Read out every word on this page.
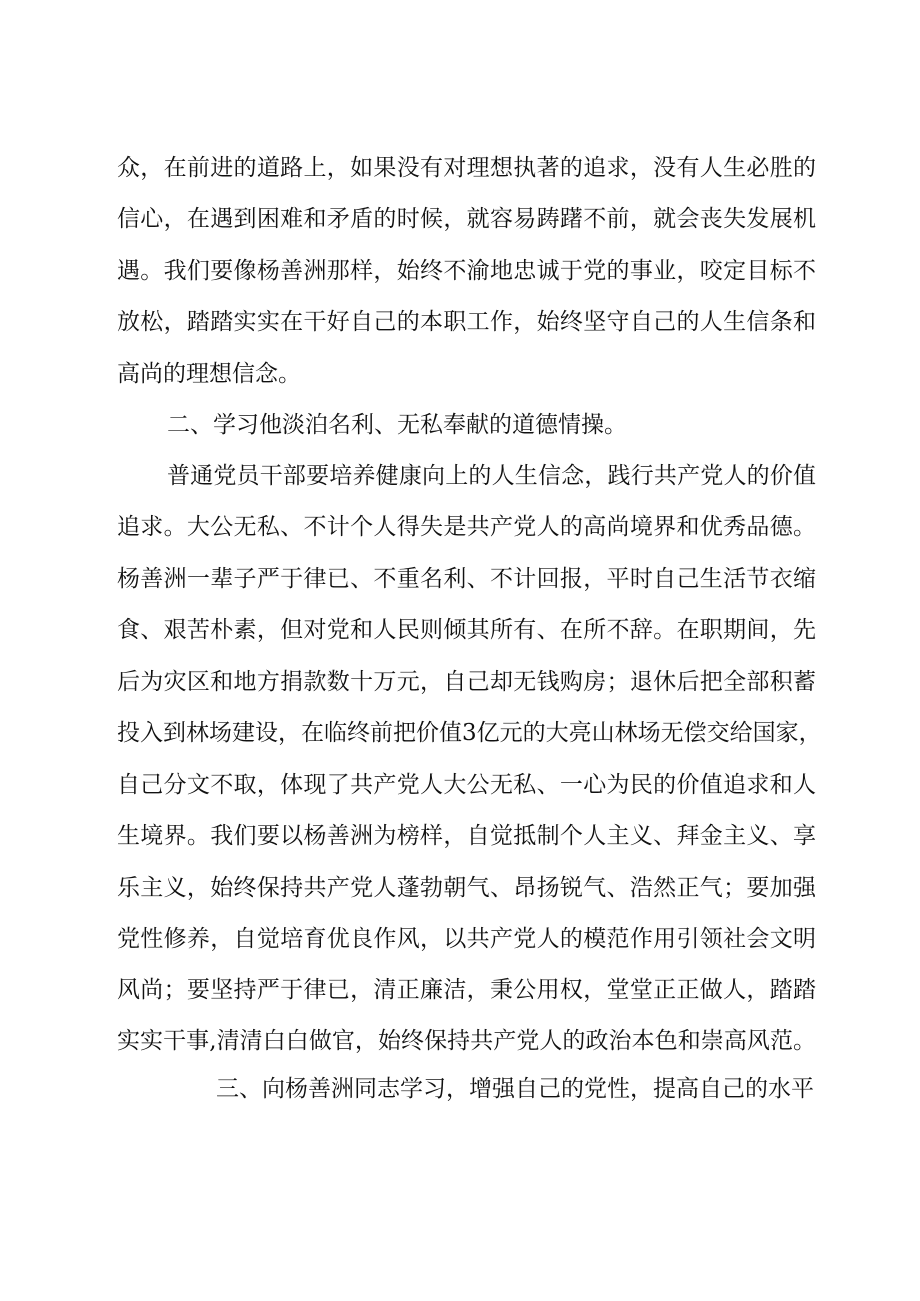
众，在前进的道路上，如果没有对理想执著的追求，没有人生必胜的
信心，在遇到困难和矛盾的时候，就容易踌躇不前，就会丧失发展机
遇。我们要像杨善洲那样，始终不渝地忠诚于党的事业，咬定目标不
放松，踏踏实实在干好自己的本职工作，始终坚守自己的人生信条和
高尚的理想信念。
二、学习他淡泊名利、无私奉献的道德情操。
普通党员干部要培养健康向上的人生信念，践行共产党人的价值
追求。大公无私、不计个人得失是共产党人的高尚境界和优秀品德。
杨善洲一辈子严于律已、不重名利、不计回报，平时自己生活节衣缩
食、艰苦朴素，但对党和人民则倾其所有、在所不辞。在职期间，先
后为灾区和地方捐款数十万元，自己却无钱购房；退休后把全部积蓄
投入到林场建设，在临终前把价值3亿元的大亮山林场无偿交给国家，
自己分文不取，体现了共产党人大公无私、一心为民的价值追求和人
生境界。我们要以杨善洲为榜样，自觉抵制个人主义、拜金主义、享
乐主义，始终保持共产党人蓬勃朝气、昂扬锐气、浩然正气；要加强
党性修养，自觉培育优良作风，以共产党人的模范作用引领社会文明
风尚；要坚持严于律已，清正廉洁，秉公用权，堂堂正正做人，踏踏
实实干事,清清白白做官，始终保持共产党人的政治本色和崇高风范。
三、向杨善洲同志学习，增强自己的党性，提高自己的水平
